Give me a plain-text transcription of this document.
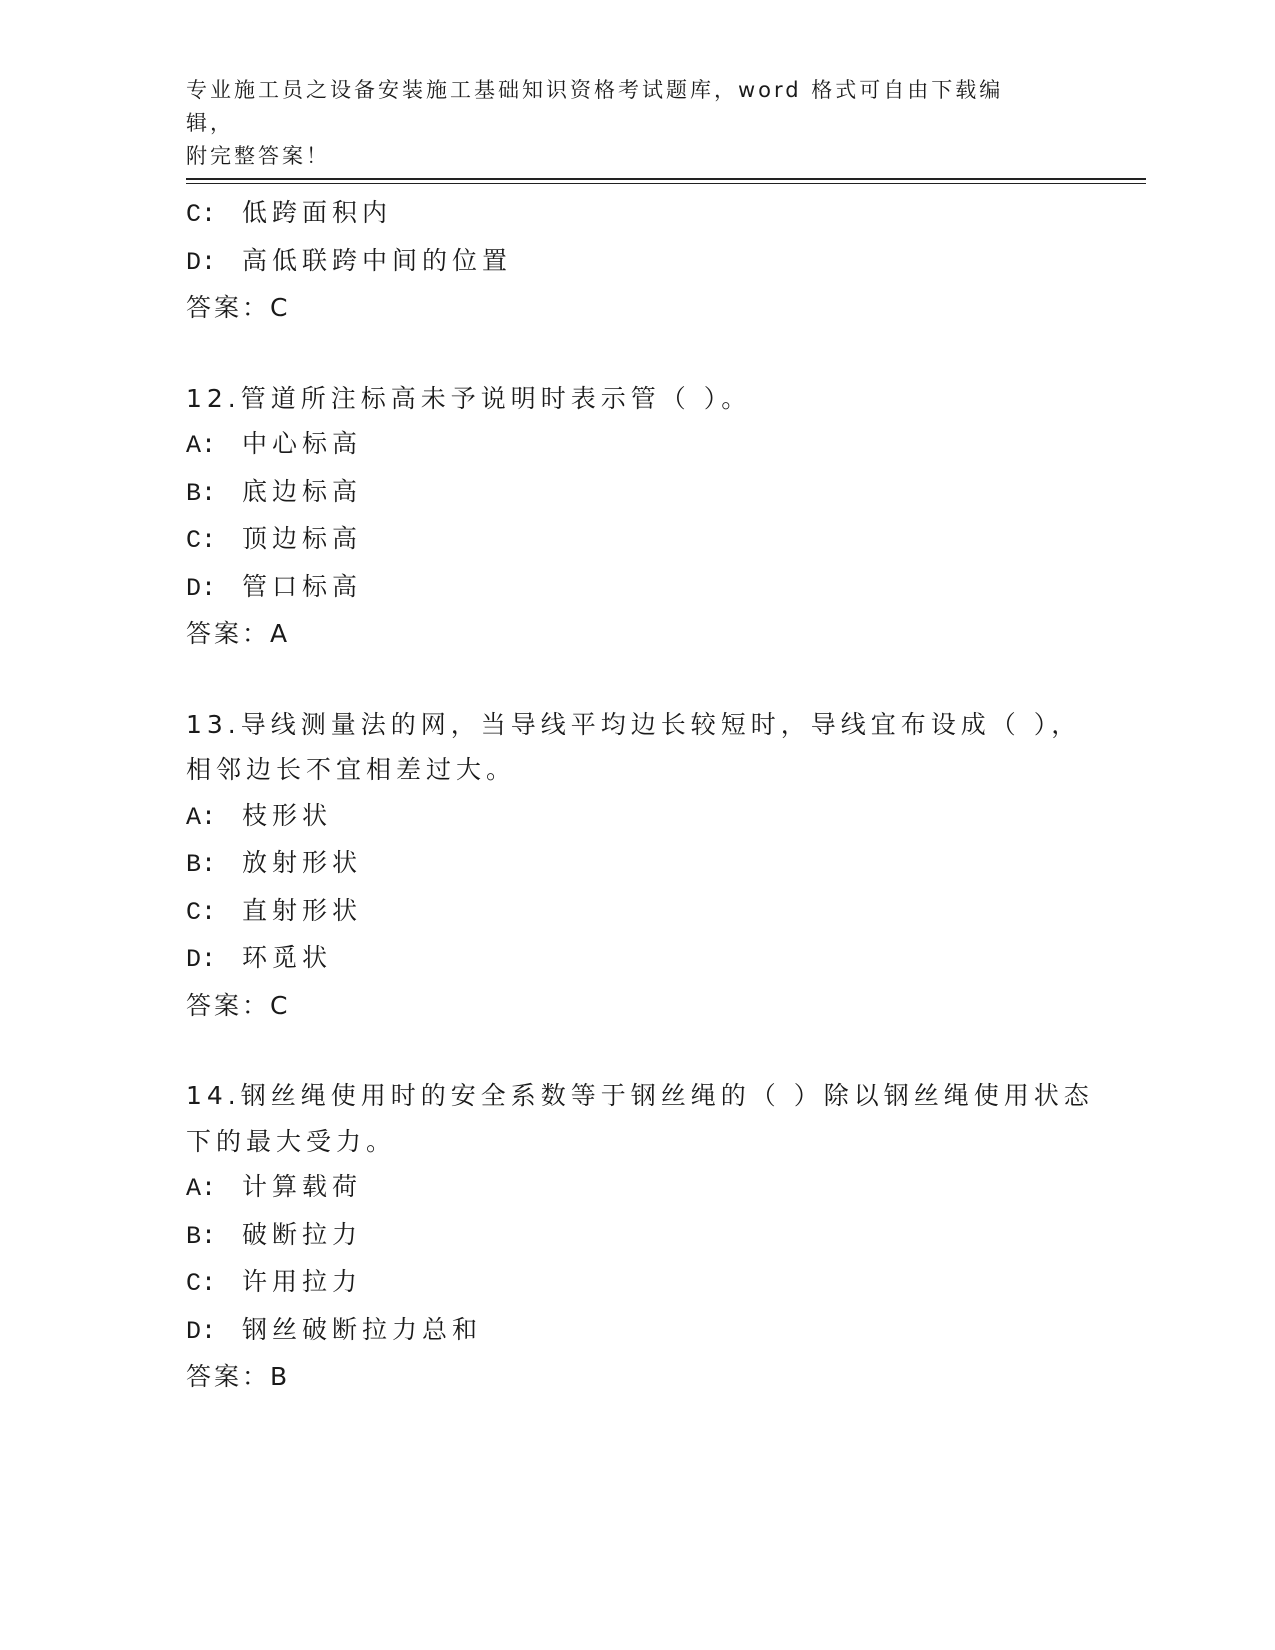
专业施工员之设备安装施工基础知识资格考试题库，word 格式可自由下载编辑，
附完整答案！
C: 低跨面积内
D: 高低联跨中间的位置
答案：C
12.管道所注标高未予说明时表示管（ ）。
A: 中心标高
B: 底边标高
C: 顶边标高
D: 管口标高
答案：A
13.导线测量法的网，当导线平均边长较短时，导线宜布设成（ ），
相邻边长不宜相差过大。
A: 枝形状
B: 放射形状
C: 直射形状
D: 环觅状
答案：C
14.钢丝绳使用时的安全系数等于钢丝绳的（ ）除以钢丝绳使用状态
下的最大受力。
A: 计算载荷
B: 破断拉力
C: 许用拉力
D: 钢丝破断拉力总和
答案：B
